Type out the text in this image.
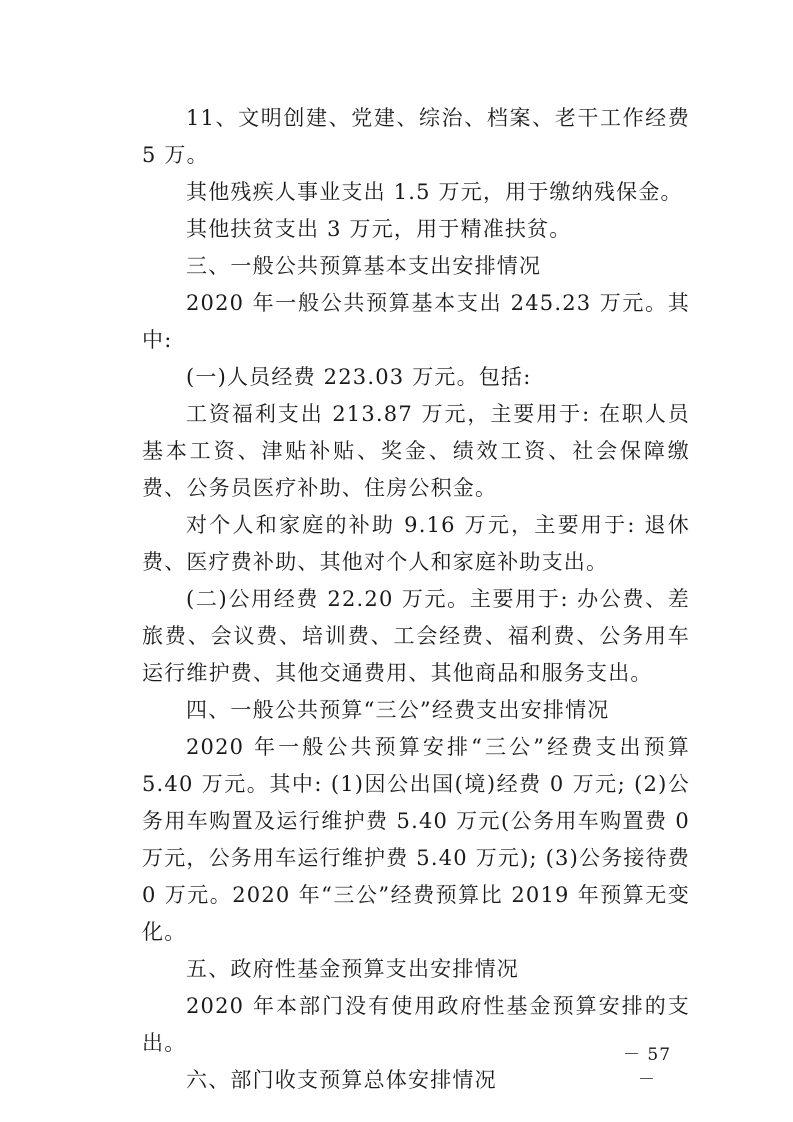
11、文明创建、党建、综治、档案、老干工作经费 5 万。

其他残疾人事业支出 1.5 万元，用于缴纳残保金。

其他扶贫支出 3 万元，用于精准扶贫。

三、一般公共预算基本支出安排情况

2020 年一般公共预算基本支出 245.23 万元。其中:

(一)人员经费 223.03 万元。包括:

工资福利支出 213.87 万元，主要用于: 在职人员基本工资、津贴补贴、奖金、绩效工资、社会保障缴费、公务员医疗补助、住房公积金。

对个人和家庭的补助 9.16 万元，主要用于: 退休费、医疗费补助、其他对个人和家庭补助支出。

(二)公用经费 22.20 万元。主要用于: 办公费、差旅费、会议费、培训费、工会经费、福利费、公务用车运行维护费、其他交通费用、其他商品和服务支出。

四、一般公共预算“三公”经费支出安排情况

2020 年一般公共预算安排“三公”经费支出预算 5.40 万元。其中: (1)因公出国(境)经费 0 万元; (2)公务用车购置及运行维护费 5.40 万元(公务用车购置费 0 万元，公务用车运行维护费 5.40 万元); (3)公务接待费 0 万元。2020 年“三公”经费预算比 2019 年预算无变化。

五、政府性基金预算支出安排情况

2020 年本部门没有使用政府性基金预算安排的支出。

六、部门收支预算总体安排情况

－ 57 －
